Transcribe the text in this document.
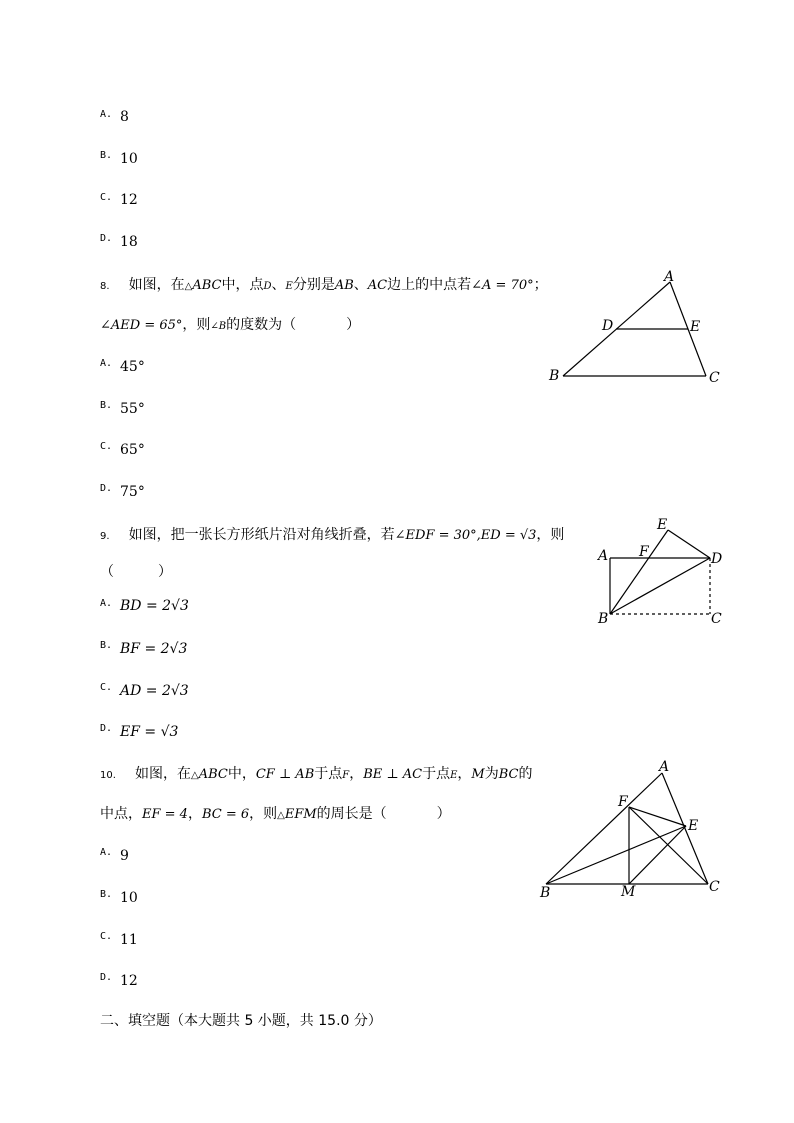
A. 8
B. 10
C. 12
D. 18
8. 如图，在△ABC中，点D、E分别是AB、AC边上的中点若∠A = 70°；
∠AED = 65°，则∠B的度数为（	）
A. 45°
B. 55°
C. 65°
D. 75°
A
B	C
D	E
9. 如图，把一张长方形纸片沿对角线折叠，若∠EDF = 30°,ED = √3，则
（	）
A. BD = 2√3
B. BF = 2√3
C. AD = 2√3
D. EF = √3
A
B	C
D
E
F
10. 如图，在△ABC中，CF ⊥ AB于点F，BE ⊥ AC于点E，M为BC的
中点，EF = 4，BC = 6，则△EFM的周长是（	）
A. 9
B. 10
C. 11
D. 12
A
B	C
E
F
M
二、填空题（本大题共 5 小题，共 15.0 分）
